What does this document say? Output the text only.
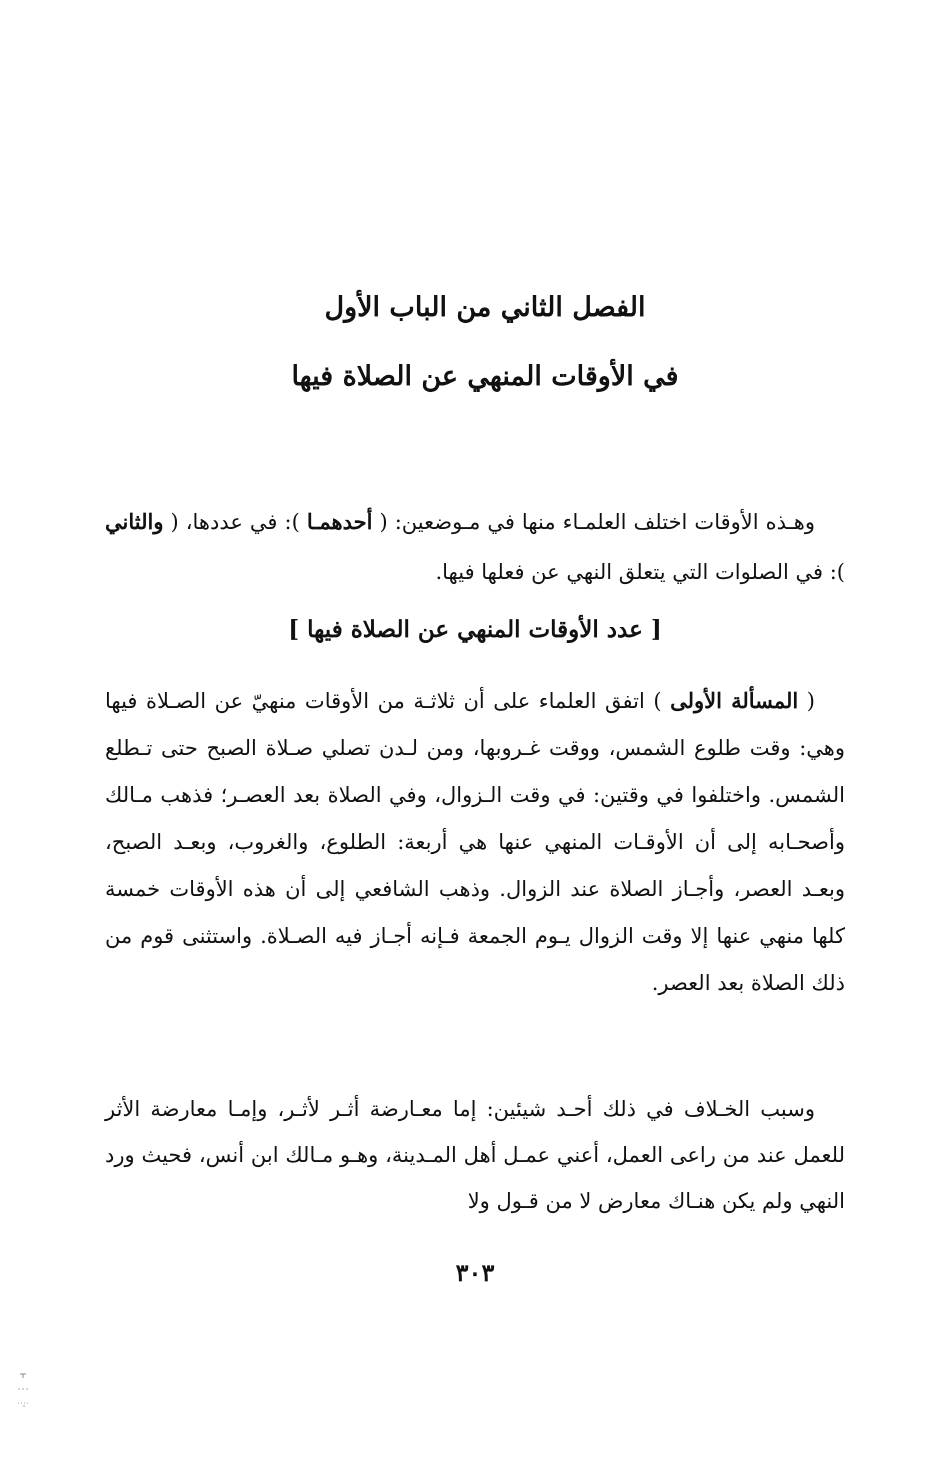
الفصل الثاني من الباب الأول
في الأوقات المنهي عن الصلاة فيها

وهـذه الأوقات اختلف العلمـاء منها في مـوضعين: ( أحدهمـا ): في عددها، ( والثاني ): في الصلوات التي يتعلق النهي عن فعلها فيها.

[ عدد الأوقات المنهي عن الصلاة فيها ]

( المسألة الأولى ) اتفق العلماء على أن ثلاثـة من الأوقات منهيّ عن الصـلاة فيها وهي: وقت طلوع الشمس، ووقت غـروبها، ومن لـدن تصلي صـلاة الصبح حتى تـطلع الشمس. واختلفوا في وقتين: في وقت الـزوال، وفي الصلاة بعد العصـر؛ فذهب مـالك وأصحـابه إلى أن الأوقـات المنهي عنها هي أربعة: الطلوع، والغروب، وبعـد الصبح، وبعـد العصر، وأجـاز الصلاة عند الزوال. وذهب الشافعي إلى أن هذه الأوقات خمسة كلها منهي عنها إلا وقت الزوال يـوم الجمعة فـإنه أجـاز فيه الصـلاة. واستثنى قوم من ذلك الصلاة بعد العصر.

وسبب الخـلاف في ذلك أحـد شيئين: إما معـارضة أثـر لأثـر، وإمـا معارضة الأثر للعمل عند من راعى العمل، أعني عمـل أهل المـدينة، وهـو مـالك ابن أنس، فحيث ورد النهي ولم يكن هنـاك معارض لا من قـول ولا

٣٠٣
